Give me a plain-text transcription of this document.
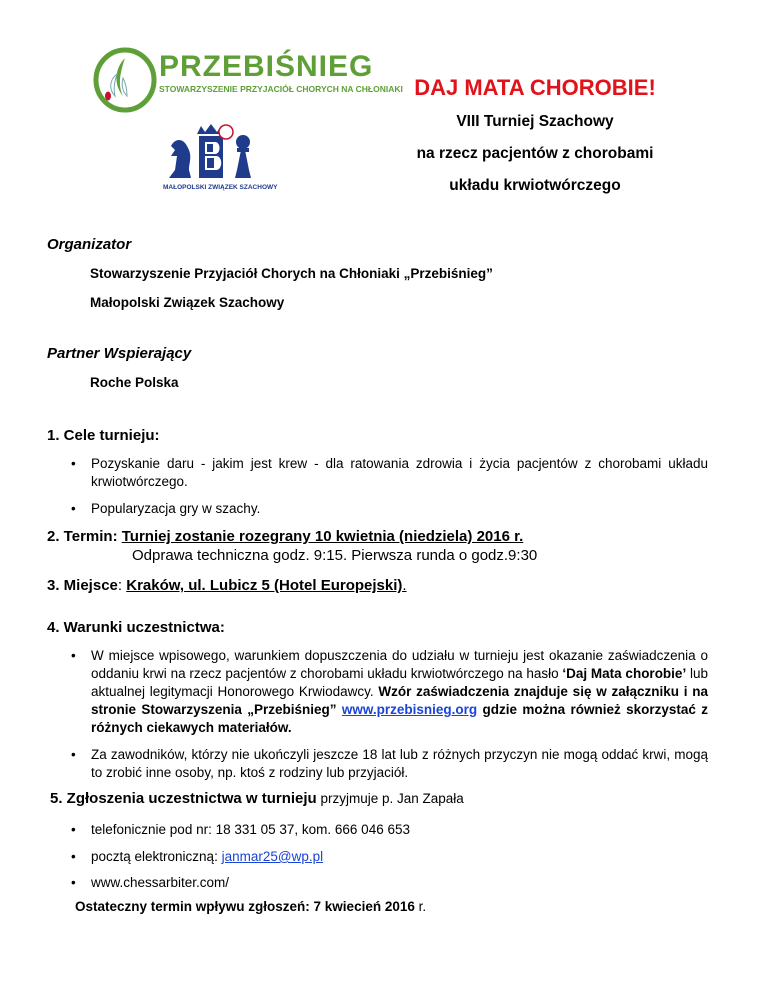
PRZEBIŚNIEG
STOWARZYSZENIE PRZYJACIÓŁ CHORYCH NA CHŁONIAKI
MAŁOPOLSKI ZWIĄZEK SZACHOWY
DAJ MATA CHOROBIE!
VIII Turniej Szachowy
na rzecz pacjentów z chorobami
układu krwiotwórczego
Organizator
Stowarzyszenie Przyjaciół Chorych na Chłoniaki „Przebiśnieg”
Małopolski Związek Szachowy
Partner Wspierający
Roche Polska
1. Cele turnieju:
•	Pozyskanie daru - jakim jest krew - dla ratowania zdrowia i życia pacjentów z chorobami układu krwiotwórczego.
•	Popularyzacja gry w szachy.
2. Termin: Turniej zostanie rozegrany 10 kwietnia (niedziela) 2016 r.
Odprawa techniczna godz. 9:15. Pierwsza runda o godz.9:30
3. Miejsce: Kraków, ul. Lubicz 5 (Hotel Europejski).
4. Warunki uczestnictwa:
•	W miejsce wpisowego, warunkiem dopuszczenia do udziału w turnieju jest okazanie zaświadczenia o oddaniu krwi na rzecz pacjentów z chorobami układu krwiotwórczego na hasło ‘Daj Mata chorobie’ lub aktualnej legitymacji Honorowego Krwiodawcy. Wzór zaświadczenia znajduje się w załączniku i na stronie Stowarzyszenia „Przebiśnieg” www.przebisnieg.org gdzie można również skorzystać z różnych ciekawych materiałów.
•	Za zawodników, którzy nie ukończyli jeszcze 18 lat lub z różnych przyczyn nie mogą oddać krwi, mogą to zrobić inne osoby, np. ktoś z rodziny lub przyjaciół.
5. Zgłoszenia uczestnictwa w turnieju przyjmuje p. Jan Zapała
•	telefonicznie pod nr: 18 331 05 37, kom. 666 046 653
•	pocztą elektroniczną: janmar25@wp.pl
•	www.chessarbiter.com/
Ostateczny termin wpływu zgłoszeń: 7 kwiecień 2016 r.
